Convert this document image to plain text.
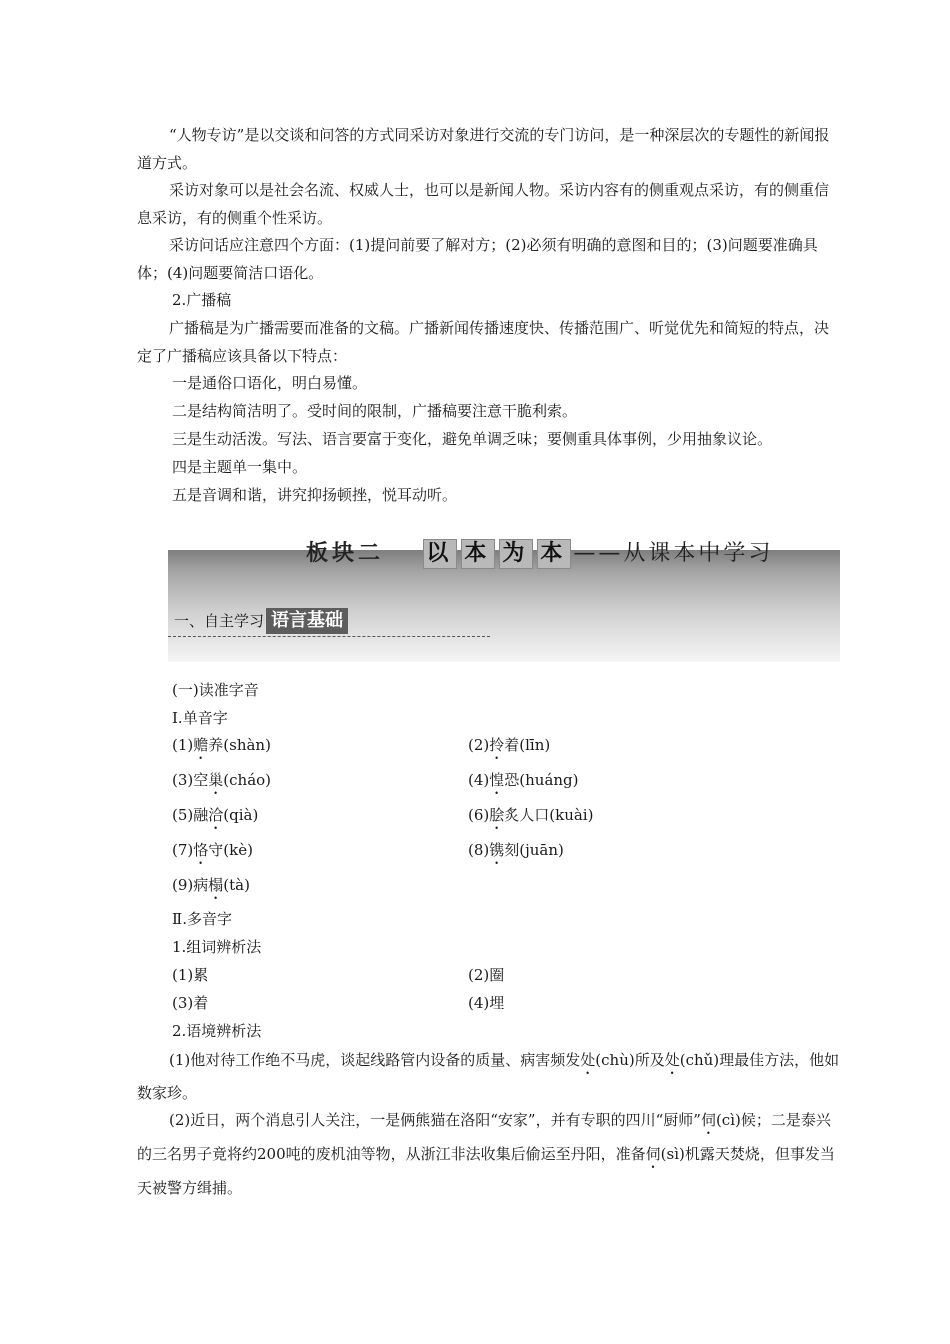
“人物专访”是以交谈和问答的方式同采访对象进行交流的专门访问，是一种深层次的专题性的新闻报道方式。

采访对象可以是社会名流、权威人士，也可以是新闻人物。采访内容有的侧重观点采访，有的侧重信息采访，有的侧重个性采访。

采访问话应注意四个方面：(1)提问前要了解对方；(2)必须有明确的意图和目的；(3)问题要准确具体；(4)问题要简洁口语化。

2.广播稿

广播稿是为广播需要而准备的文稿。广播新闻传播速度快、传播范围广、听觉优先和简短的特点，决定了广播稿应该具备以下特点：

一是通俗口语化，明白易懂。

二是结构简洁明了。受时间的限制，广播稿要注意干脆利索。

三是生动活泼。写法、语言要富于变化，避免单调乏味；要侧重具体事例，少用抽象议论。

四是主题单一集中。

五是音调和谐，讲究抑扬顿挫，悦耳动听。

板块二 以 本 为 本 ——从课本中学习
一、自主学习 语言基础

(一)读准字音

Ⅰ.单音字

(1)赡养(shàn)	(2)拎着(līn)
(3)空巢(cháo)	(4)惶恐(huáng)
(5)融洽(qià)	(6)脍炙人口(kuài)
(7)恪守(kè)	(8)镌刻(juān)
(9)病榻(tà)

Ⅱ.多音字

1.组词辨析法

(1)累	(2)圈
(3)着	(4)埋

2.语境辨析法

(1)他对待工作绝不马虎，谈起线路管内设备的质量、病害频发处(chù)所及处(chǔ)理最佳方法，他如数家珍。

(2)近日，两个消息引人关注，一是俩熊猫在洛阳“安家”，并有专职的四川“厨师”伺(cì)候；二是泰兴的三名男子竟将约200吨的废机油等物，从浙江非法收集后偷运至丹阳，准备伺(sì)机露天焚烧，但事发当天被警方缉捕。
